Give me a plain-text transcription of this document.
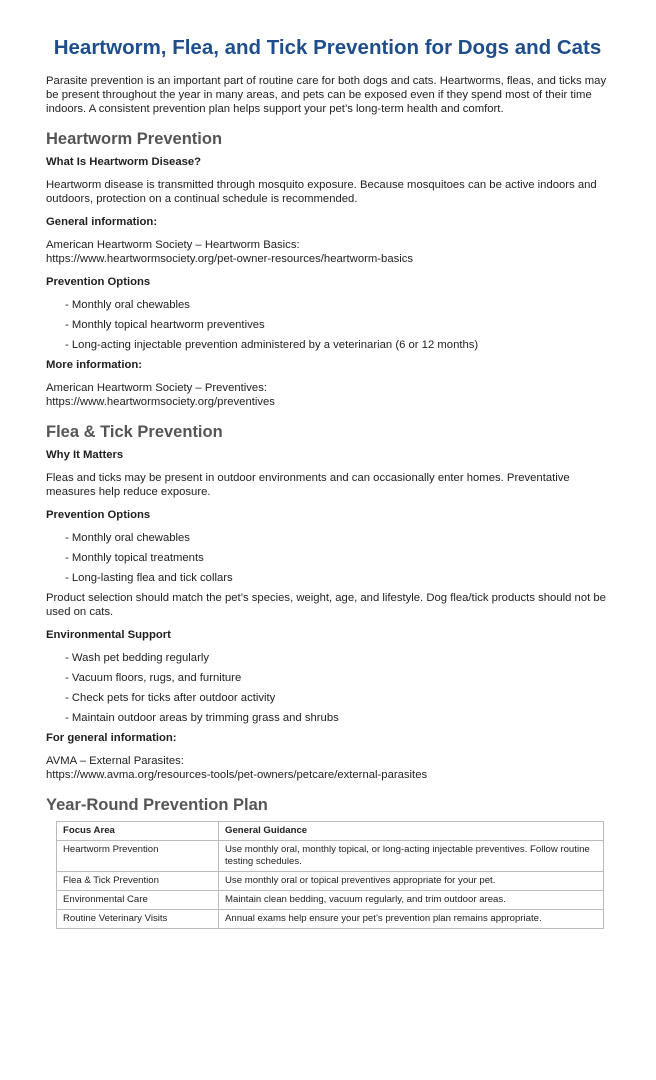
Heartworm, Flea, and Tick Prevention for Dogs and Cats

Parasite prevention is an important part of routine care for both dogs and cats. Heartworms, fleas, and ticks may be present throughout the year in many areas, and pets can be exposed even if they spend most of their time indoors. A consistent prevention plan helps support your pet’s long-term health and comfort.

Heartworm Prevention

What Is Heartworm Disease?

Heartworm disease is transmitted through mosquito exposure. Because mosquitoes can be active indoors and outdoors, protection on a continual schedule is recommended.

General information:

American Heartworm Society – Heartworm Basics:
https://www.heartwormsociety.org/pet-owner-resources/heartworm-basics

Prevention Options

- Monthly oral chewables
- Monthly topical heartworm preventives
- Long-acting injectable prevention administered by a veterinarian (6 or 12 months)

More information:

American Heartworm Society – Preventives:
https://www.heartwormsociety.org/preventives

Flea & Tick Prevention

Why It Matters

Fleas and ticks may be present in outdoor environments and can occasionally enter homes. Preventative measures help reduce exposure.

Prevention Options

- Monthly oral chewables
- Monthly topical treatments
- Long-lasting flea and tick collars

Product selection should match the pet’s species, weight, age, and lifestyle. Dog flea/tick products should not be used on cats.

Environmental Support

- Wash pet bedding regularly
- Vacuum floors, rugs, and furniture
- Check pets for ticks after outdoor activity
- Maintain outdoor areas by trimming grass and shrubs

For general information:

AVMA – External Parasites:
https://www.avma.org/resources-tools/pet-owners/petcare/external-parasites

Year-Round Prevention Plan
Focus Area	General Guidance
Heartworm Prevention	Use monthly oral, monthly topical, or long-acting injectable preventives. Follow routine testing schedules.
Flea & Tick Prevention	Use monthly oral or topical preventives appropriate for your pet.
Environmental Care	Maintain clean bedding, vacuum regularly, and trim outdoor areas.
Routine Veterinary Visits	Annual exams help ensure your pet’s prevention plan remains appropriate.
